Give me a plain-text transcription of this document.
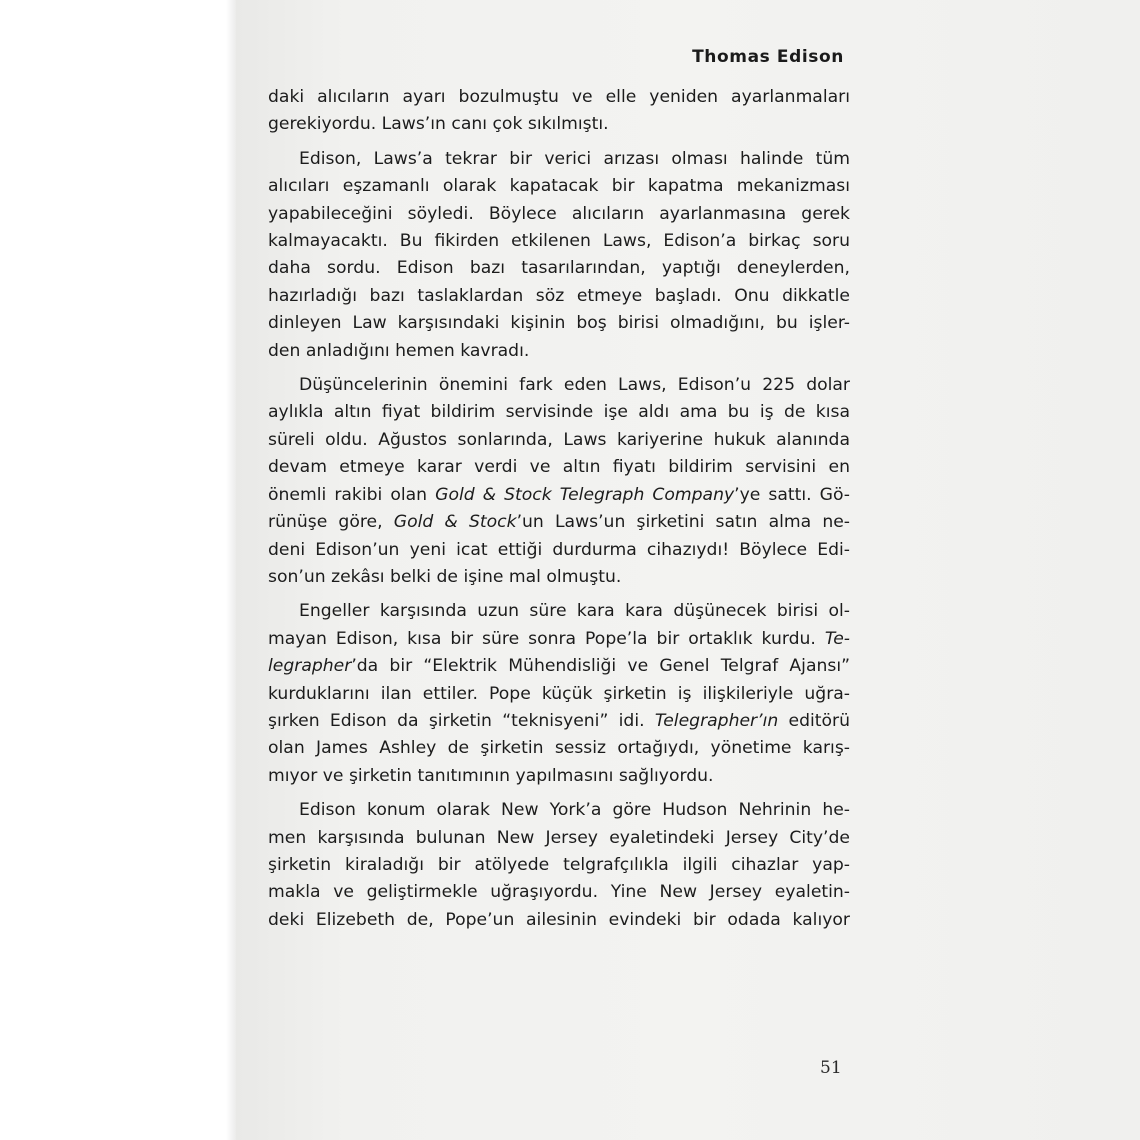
Thomas Edison

daki alıcıların ayarı bozulmuştu ve elle yeniden ayarlanmaları
gerekiyordu. Laws’ın canı çok sıkılmıştı.

Edison, Laws’a tekrar bir verici arızası olması halinde tüm
alıcıları eşzamanlı olarak kapatacak bir kapatma mekanizması
yapabileceğini söyledi. Böylece alıcıların ayarlanmasına gerek
kalmayacaktı. Bu fikirden etkilenen Laws, Edison’a birkaç soru
daha sordu. Edison bazı tasarılarından, yaptığı deneylerden,
hazırladığı bazı taslaklardan söz etmeye başladı. Onu dikkatle
dinleyen Law karşısındaki kişinin boş birisi olmadığını, bu işler-
den anladığını hemen kavradı.

Düşüncelerinin önemini fark eden Laws, Edison’u 225 dolar
aylıkla altın fiyat bildirim servisinde işe aldı ama bu iş de kısa
süreli oldu. Ağustos sonlarında, Laws kariyerine hukuk alanında
devam etmeye karar verdi ve altın fiyatı bildirim servisini en
önemli rakibi olan Gold & Stock Telegraph Company’ye sattı. Gö-
rünüşe göre, Gold & Stock’un Laws’un şirketini satın alma ne-
deni Edison’un yeni icat ettiği durdurma cihazıydı! Böylece Edi-
son’un zekâsı belki de işine mal olmuştu.

Engeller karşısında uzun süre kara kara düşünecek birisi ol-
mayan Edison, kısa bir süre sonra Pope’la bir ortaklık kurdu. Te-
legrapher’da bir “Elektrik Mühendisliği ve Genel Telgraf Ajansı”
kurduklarını ilan ettiler. Pope küçük şirketin iş ilişkileriyle uğra-
şırken Edison da şirketin “teknisyeni” idi. Telegrapher’ın editörü
olan James Ashley de şirketin sessiz ortağıydı, yönetime karış-
mıyor ve şirketin tanıtımının yapılmasını sağlıyordu.

Edison konum olarak New York’a göre Hudson Nehrinin he-
men karşısında bulunan New Jersey eyaletindeki Jersey City’de
şirketin kiraladığı bir atölyede telgrafçılıkla ilgili cihazlar yap-
makla ve geliştirmekle uğraşıyordu. Yine New Jersey eyaletin-
deki Elizebeth de, Pope’un ailesinin evindeki bir odada kalıyor

51
